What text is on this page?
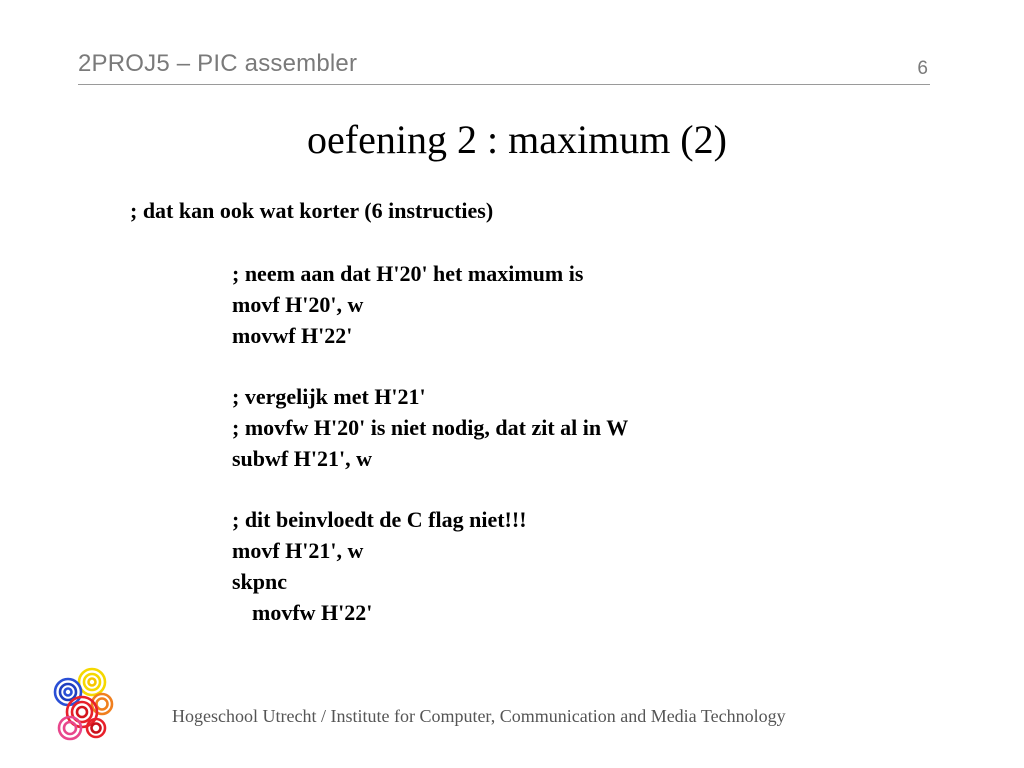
2PROJ5 – PIC assembler	6
oefening 2 : maximum (2)
; dat kan ook wat korter (6 instructies)
; neem aan dat H'20' het maximum is
movf H'20', w
movwf H'22'
; vergelijk met H'21'
; movfw H'20' is niet nodig, dat zit al in W
subwf H'21', w
; dit beinvloedt de C flag niet!!!
movf H'21', w
skpnc
movfw H'22'
Hogeschool Utrecht / Institute for Computer, Communication and Media Technology
